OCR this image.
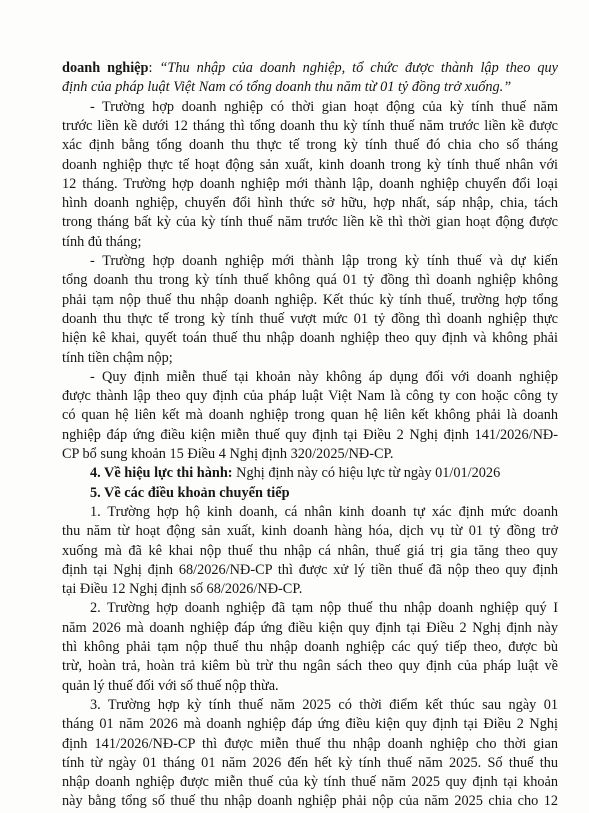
doanh nghiệp: “Thu nhập của doanh nghiệp, tổ chức được thành lập theo quy
định của pháp luật Việt Nam có tổng doanh thu năm từ 01 tỷ đồng trở xuống.”
- Trường hợp doanh nghiệp có thời gian hoạt động của kỳ tính thuế năm
trước liền kề dưới 12 tháng thì tổng doanh thu kỳ tính thuế năm trước liền kề được
xác định bằng tổng doanh thu thực tế trong kỳ tính thuế đó chia cho số tháng
doanh nghiệp thực tế hoạt động sản xuất, kinh doanh trong kỳ tính thuế nhân với
12 tháng. Trường hợp doanh nghiệp mới thành lập, doanh nghiệp chuyển đổi loại
hình doanh nghiệp, chuyển đổi hình thức sở hữu, hợp nhất, sáp nhập, chia, tách
trong tháng bất kỳ của kỳ tính thuế năm trước liền kề thì thời gian hoạt động được
tính đủ tháng;
- Trường hợp doanh nghiệp mới thành lập trong kỳ tính thuế và dự kiến
tổng doanh thu trong kỳ tính thuế không quá 01 tỷ đồng thì doanh nghiệp không
phải tạm nộp thuế thu nhập doanh nghiệp. Kết thúc kỳ tính thuế, trường hợp tổng
doanh thu thực tế trong kỳ tính thuế vượt mức 01 tỷ đồng thì doanh nghiệp thực
hiện kê khai, quyết toán thuế thu nhập doanh nghiệp theo quy định và không phải
tính tiền chậm nộp;
- Quy định miễn thuế tại khoản này không áp dụng đối với doanh nghiệp
được thành lập theo quy định của pháp luật Việt Nam là công ty con hoặc công ty
có quan hệ liên kết mà doanh nghiệp trong quan hệ liên kết không phải là doanh
nghiệp đáp ứng điều kiện miễn thuế quy định tại Điều 2 Nghị định 141/2026/NĐ-
CP bổ sung khoản 15 Điều 4 Nghị định 320/2025/NĐ-CP.
4. Về hiệu lực thi hành: Nghị định này có hiệu lực từ ngày 01/01/2026
5. Về các điều khoản chuyển tiếp
1. Trường hợp hộ kinh doanh, cá nhân kinh doanh tự xác định mức doanh
thu năm từ hoạt động sản xuất, kinh doanh hàng hóa, dịch vụ từ 01 tỷ đồng trở
xuống mà đã kê khai nộp thuế thu nhập cá nhân, thuế giá trị gia tăng theo quy
định tại Nghị định 68/2026/NĐ-CP thì được xử lý tiền thuế đã nộp theo quy định
tại Điều 12 Nghị định số 68/2026/NĐ-CP.
2. Trường hợp doanh nghiệp đã tạm nộp thuế thu nhập doanh nghiệp quý I
năm 2026 mà doanh nghiệp đáp ứng điều kiện quy định tại Điều 2 Nghị định này
thì không phải tạm nộp thuế thu nhập doanh nghiệp các quý tiếp theo, được bù
trừ, hoàn trả, hoàn trả kiêm bù trừ thu ngân sách theo quy định của pháp luật về
quản lý thuế đối với số thuế nộp thừa.
3. Trường hợp kỳ tính thuế năm 2025 có thời điểm kết thúc sau ngày 01
tháng 01 năm 2026 mà doanh nghiệp đáp ứng điều kiện quy định tại Điều 2 Nghị
định 141/2026/NĐ-CP thì được miễn thuế thu nhập doanh nghiệp cho thời gian
tính từ ngày 01 tháng 01 năm 2026 đến hết kỳ tính thuế năm 2025. Số thuế thu
nhập doanh nghiệp được miễn thuế của kỳ tính thuế năm 2025 quy định tại khoản
này bằng tổng số thuế thu nhập doanh nghiệp phải nộp của năm 2025 chia cho 12
